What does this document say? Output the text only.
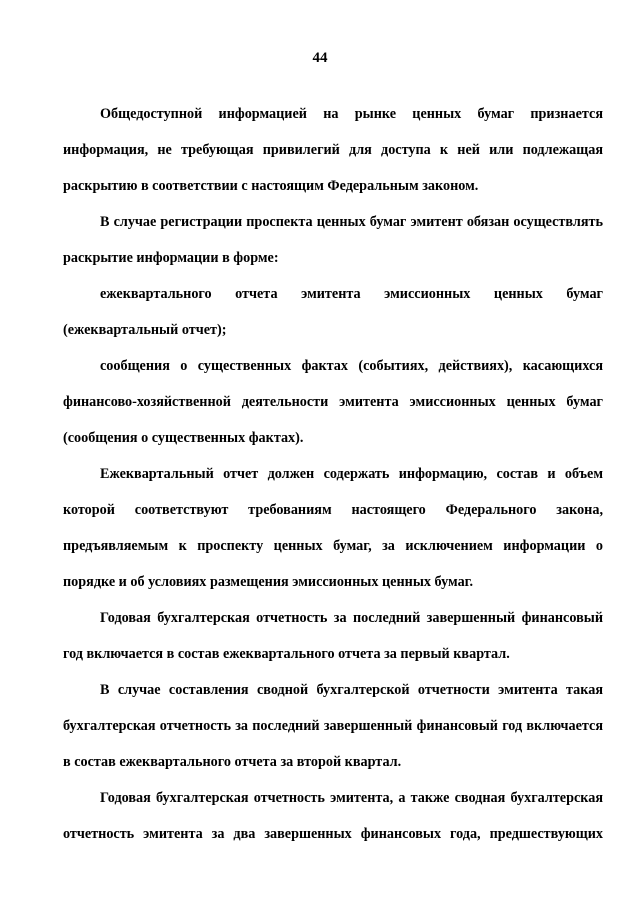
44

Общедоступной информацией на рынке ценных бумаг признается информация, не требующая привилегий для доступа к ней или подлежащая раскрытию в соответствии с настоящим Федеральным законом.

В случае регистрации проспекта ценных бумаг эмитент обязан осуществлять раскрытие информации в форме:

ежеквартального отчета эмитента эмиссионных ценных бумаг (ежеквартальный отчет);

сообщения о существенных фактах (событиях, действиях), касающихся финансово-хозяйственной деятельности эмитента эмиссионных ценных бумаг (сообщения о существенных фактах).

Ежеквартальный отчет должен содержать информацию, состав и объем которой соответствуют требованиям настоящего Федерального закона, предъявляемым к проспекту ценных бумаг, за исключением информации о порядке и об условиях размещения эмиссионных ценных бумаг.

Годовая бухгалтерская отчетность за последний завершенный финансовый год включается в состав ежеквартального отчета за первый квартал.

В случае составления сводной бухгалтерской отчетности эмитента такая бухгалтерская отчетность за последний завершенный финансовый год включается в состав ежеквартального отчета за второй квартал.

Годовая бухгалтерская отчетность эмитента, а также сводная бухгалтерская отчетность эмитента за два завершенных финансовых года, предшествующих
